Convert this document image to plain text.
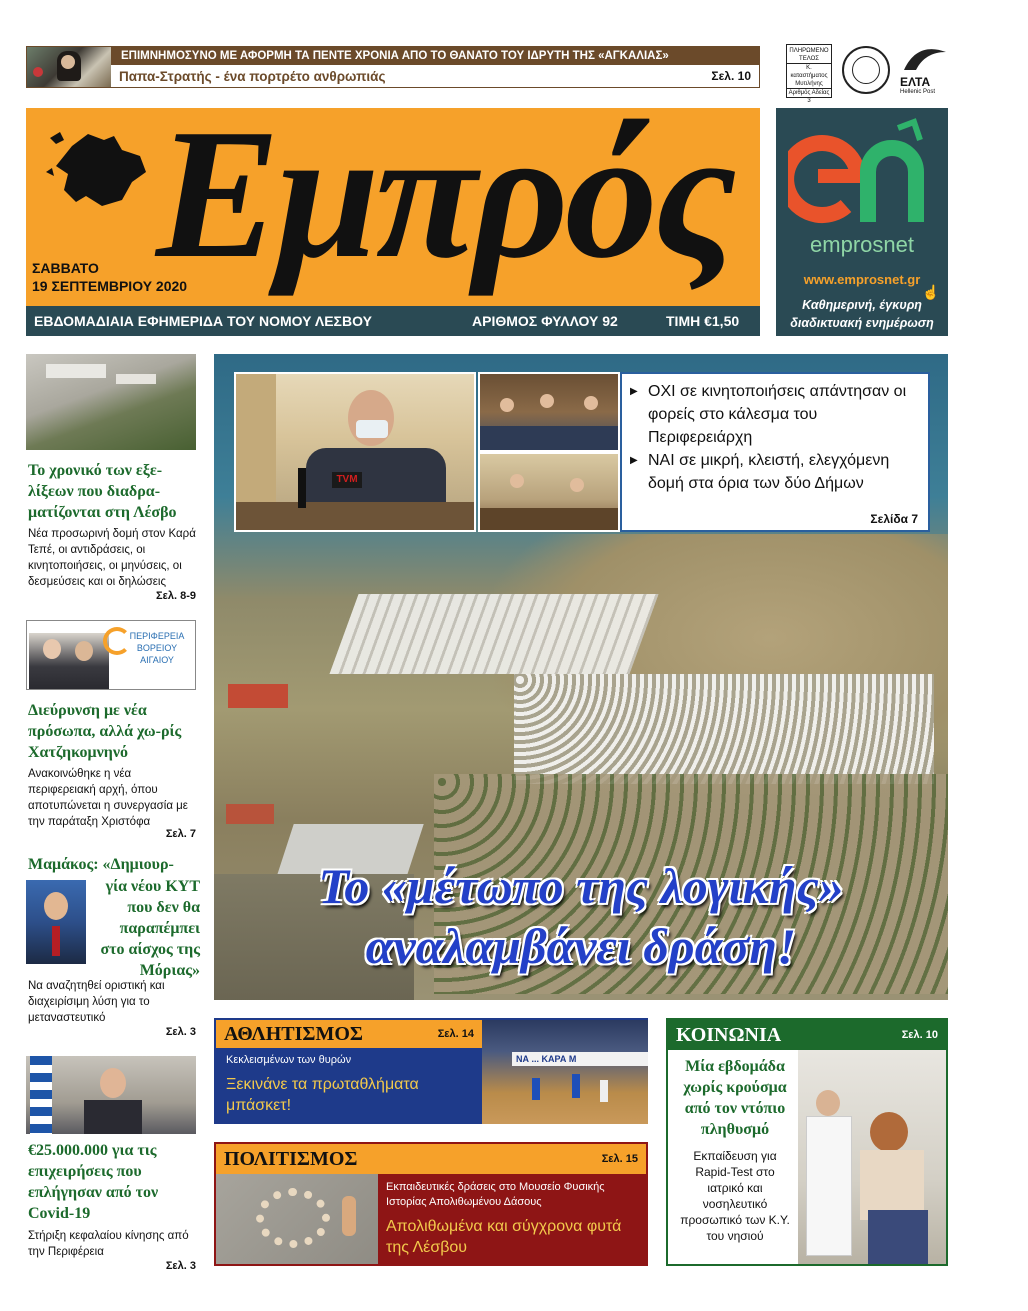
ΕΠΙΜΝΗΜΟΣΥΝΟ ΜΕ ΑΦΟΡΜΗ ΤΑ ΠΕΝΤΕ ΧΡΟΝΙΑ ΑΠΟ ΤΟ ΘΑΝΑΤΟ ΤΟΥ ΙΔΡΥΤΗ ΤΗΣ «ΑΓΚΑΛΙΑΣ»
Παπα-Στρατής - ένα πορτρέτο ανθρωπιάς	Σελ. 10
ΠΛΗΡΩΜΕΝΟ
ΤΕΛΟΣ
Κ. καταστήματος
Μυτιλήνης
Αριθμός Αδείας
3
ΕΛΤΑ
Hellenic Post
Εμπρός
ΣΑΒΒΑΤΟ
19 ΣΕΠΤΕΜΒΡΙΟΥ 2020
ΕΒΔΟΜΑΔΙΑΙΑ ΕΦΗΜΕΡΙΔΑ ΤΟΥ ΝΟΜΟΥ ΛΕΣΒΟΥ	ΑΡΙΘΜΟΣ ΦΥΛΛΟΥ 92	ΤΙΜΗ €1,50
emprosnet
www.emprosnet.gr
☝
Καθημερινή, έγκυρη
διαδικτυακή ενημέρωση
Το χρονικό των εξε-λίξεων που διαδρα-ματίζονται στη Λέσβο
Νέα προσωρινή δομή στον Καρά Τεπέ, οι αντιδράσεις, οι κινητοποιήσεις, οι μηνύσεις, οι δεσμεύσεις και οι δηλώσεις
Σελ. 8-9
ΠΕΡΙΦΕΡΕΙΑ
ΒΟΡΕΙΟΥ
ΑΙΓΑΙΟΥ
Διεύρυνση με νέα πρόσωπα, αλλά χω-ρίς Χατζηκομνηνό
Ανακοινώθηκε η νέα περιφερειακή αρχή, όπου αποτυπώνεται η συνεργασία με την παράταξη Χριστόφα
Σελ. 7
Μαμάκος: «Δημιουρ-
γία νέου ΚΥΤ που δεν θα παραπέμπει στο αίσχος της Μόριας»
Να αναζητηθεί οριστική και διαχειρίσιμη λύση για το μεταναστευτικό
Σελ. 3
€25.000.000 για τις επιχειρήσεις που επλήγησαν από τον Covid-19
Στήριξη κεφαλαίου κίνησης από την Περιφέρεια
Σελ. 3
TVM
▶ ΟΧΙ σε κινητοποιήσεις απάντησαν οι φορείς στο κάλεσμα του Περιφερειάρχη
▶ ΝΑΙ σε μικρή, κλειστή, ελεγχόμενη δομή στα όρια των δύο Δήμων
Σελίδα 7
Το «μέτωπο της λογικής»
αναλαμβάνει δράση!
ΑΘΛΗΤΙΣΜΟΣ	Σελ. 14
Κεκλεισμένων των θυρών
Ξεκινάνε τα πρωταθλήματα μπάσκετ!
ΝΑ ... ΚΑΡΑ Μ
ΠΟΛΙΤΙΣΜΟΣ	Σελ. 15
Εκπαιδευτικές δράσεις στο Μουσείο Φυσικής Ιστορίας Απολιθωμένου Δάσους
Απολιθωμένα και σύγχρονα φυτά της Λέσβου
ΚΟΙΝΩΝΙΑ	Σελ. 10
Μία εβδομάδα χωρίς κρούσμα από τον ντόπιο πληθυσμό
Εκπαίδευση για Rapid-Test στο ιατρικό και νοσηλευτικό προσωπικό των Κ.Υ. του νησιού
